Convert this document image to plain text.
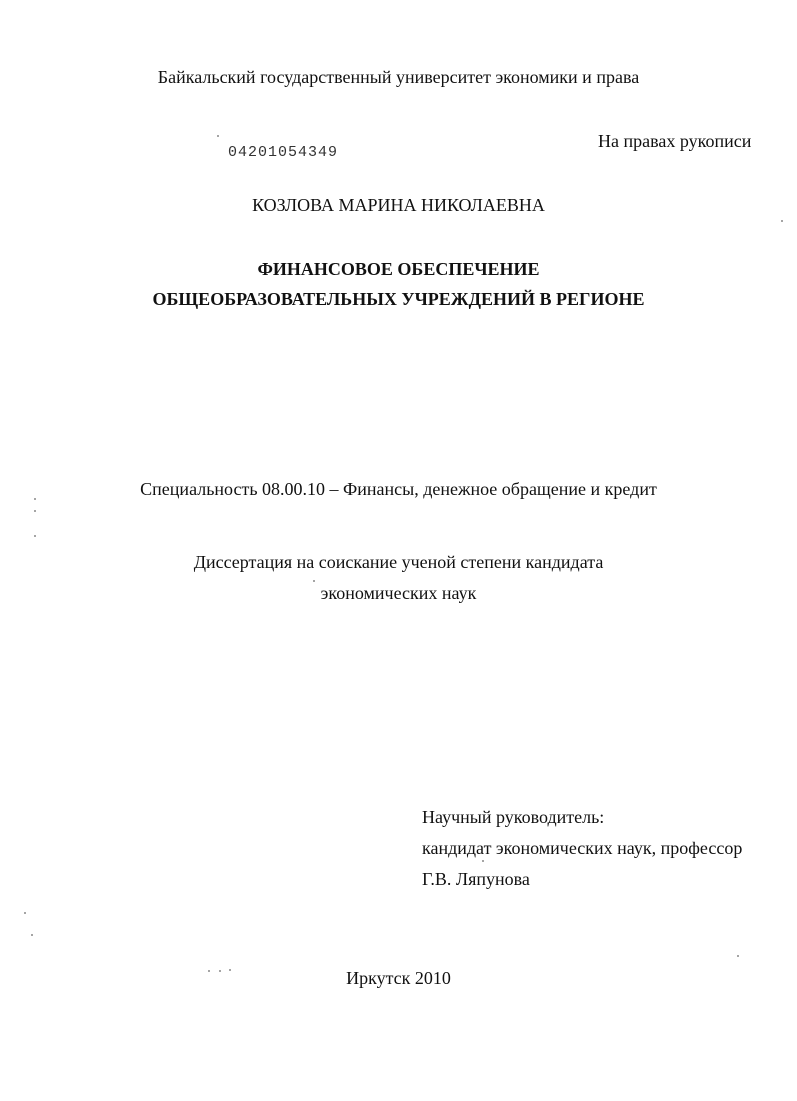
Байкальский государственный университет экономики и права
04201054349
На правах рукописи
КОЗЛОВА МАРИНА НИКОЛАЕВНА
ФИНАНСОВОЕ ОБЕСПЕЧЕНИЕ
ОБЩЕОБРАЗОВАТЕЛЬНЫХ УЧРЕЖДЕНИЙ В РЕГИОНЕ
Специальность 08.00.10 – Финансы, денежное обращение и кредит
Диссертация на соискание ученой степени кандидата
экономических наук
Научный руководитель:
кандидат экономических наук, профессор
Г.В. Ляпунова
Иркутск 2010
